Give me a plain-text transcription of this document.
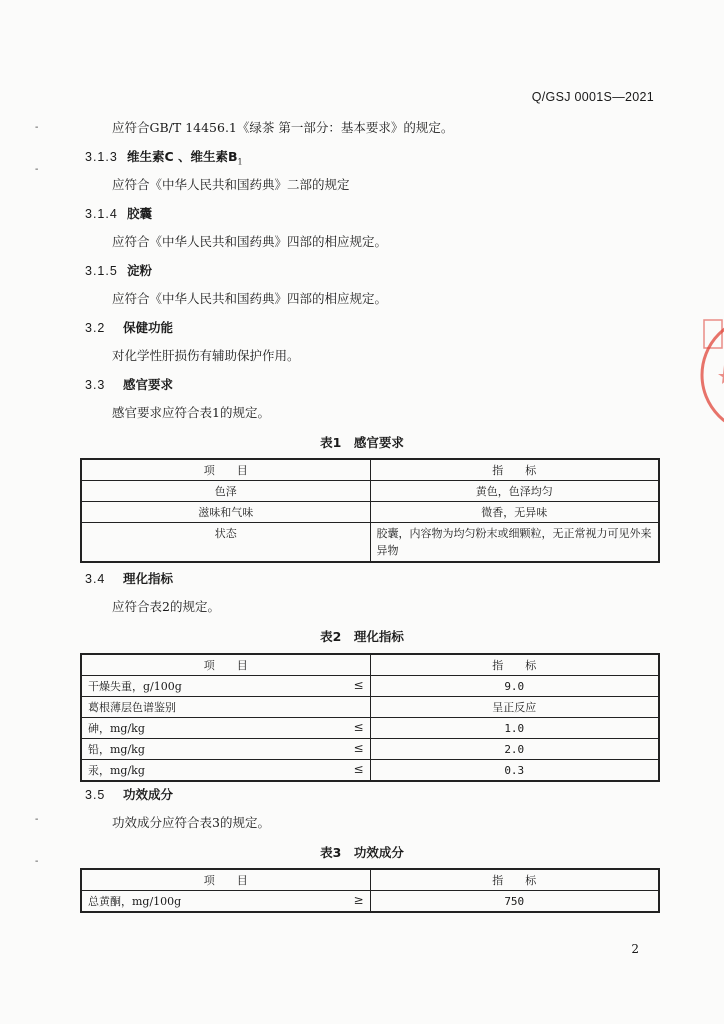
Q/GSJ 0001S—2021
-
-
-
-
应符合GB/T 14456.1《绿茶 第一部分：基本要求》的规定。
3.1.3 维生素C 、维生素$B_1$
应符合《中华人民共和国药典》二部的规定
3.1.4 胶囊
应符合《中华人民共和国药典》四部的相应规定。
3.1.5 淀粉
应符合《中华人民共和国药典》四部的相应规定。
3.2 保健功能
对化学性肝损伤有辅助保护作用。
3.3 感官要求
感官要求应符合表1的规定。
表1　感官要求
项　　目	指　　标
色泽	黄色，色泽均匀
滋味和气味	微香，无异味
状态	胶囊，内容物为均匀粉末或细颗粒，无正常视力可见外来异物
3.4 理化指标
应符合表2的规定。
表2　理化指标
项　　目	指　　标
干燥失重，g/100g ≤	9.0
葛根薄层色谱鉴别	呈正反应
砷，mg/kg ≤	1.0
铅，mg/kg ≤	2.0
汞，mg/kg ≤	0.3
3.5 功效成分
功效成分应符合表3的规定。
表3　功效成分
项　　目	指　　标
总黄酮，mg/100g ≥	750
2
